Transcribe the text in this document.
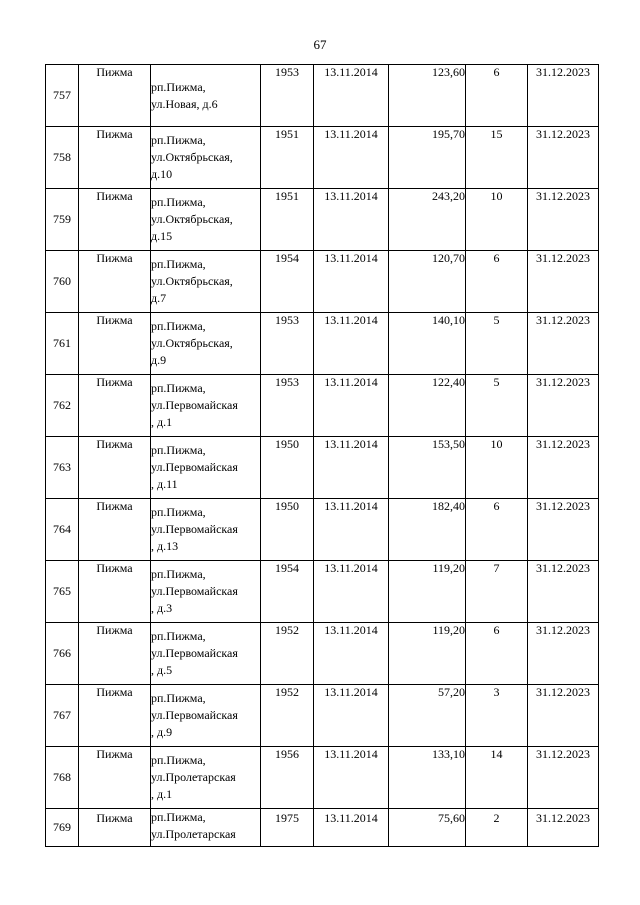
67
757	Пижма	рп.Пижма,
ул.Новая, д.6	1953	13.11.2014	123,60	6	31.12.2023
758	Пижма	рп.Пижма,
ул.Октябрьская,
д.10	1951	13.11.2014	195,70	15	31.12.2023
759	Пижма	рп.Пижма,
ул.Октябрьская,
д.15	1951	13.11.2014	243,20	10	31.12.2023
760	Пижма	рп.Пижма,
ул.Октябрьская,
д.7	1954	13.11.2014	120,70	6	31.12.2023
761	Пижма	рп.Пижма,
ул.Октябрьская,
д.9	1953	13.11.2014	140,10	5	31.12.2023
762	Пижма	рп.Пижма,
ул.Первомайская
, д.1	1953	13.11.2014	122,40	5	31.12.2023
763	Пижма	рп.Пижма,
ул.Первомайская
, д.11	1950	13.11.2014	153,50	10	31.12.2023
764	Пижма	рп.Пижма,
ул.Первомайская
, д.13	1950	13.11.2014	182,40	6	31.12.2023
765	Пижма	рп.Пижма,
ул.Первомайская
, д.3	1954	13.11.2014	119,20	7	31.12.2023
766	Пижма	рп.Пижма,
ул.Первомайская
, д.5	1952	13.11.2014	119,20	6	31.12.2023
767	Пижма	рп.Пижма,
ул.Первомайская
, д.9	1952	13.11.2014	57,20	3	31.12.2023
768	Пижма	рп.Пижма,
ул.Пролетарская
, д.1	1956	13.11.2014	133,10	14	31.12.2023
769	Пижма	рп.Пижма,
ул.Пролетарская	1975	13.11.2014	75,60	2	31.12.2023
